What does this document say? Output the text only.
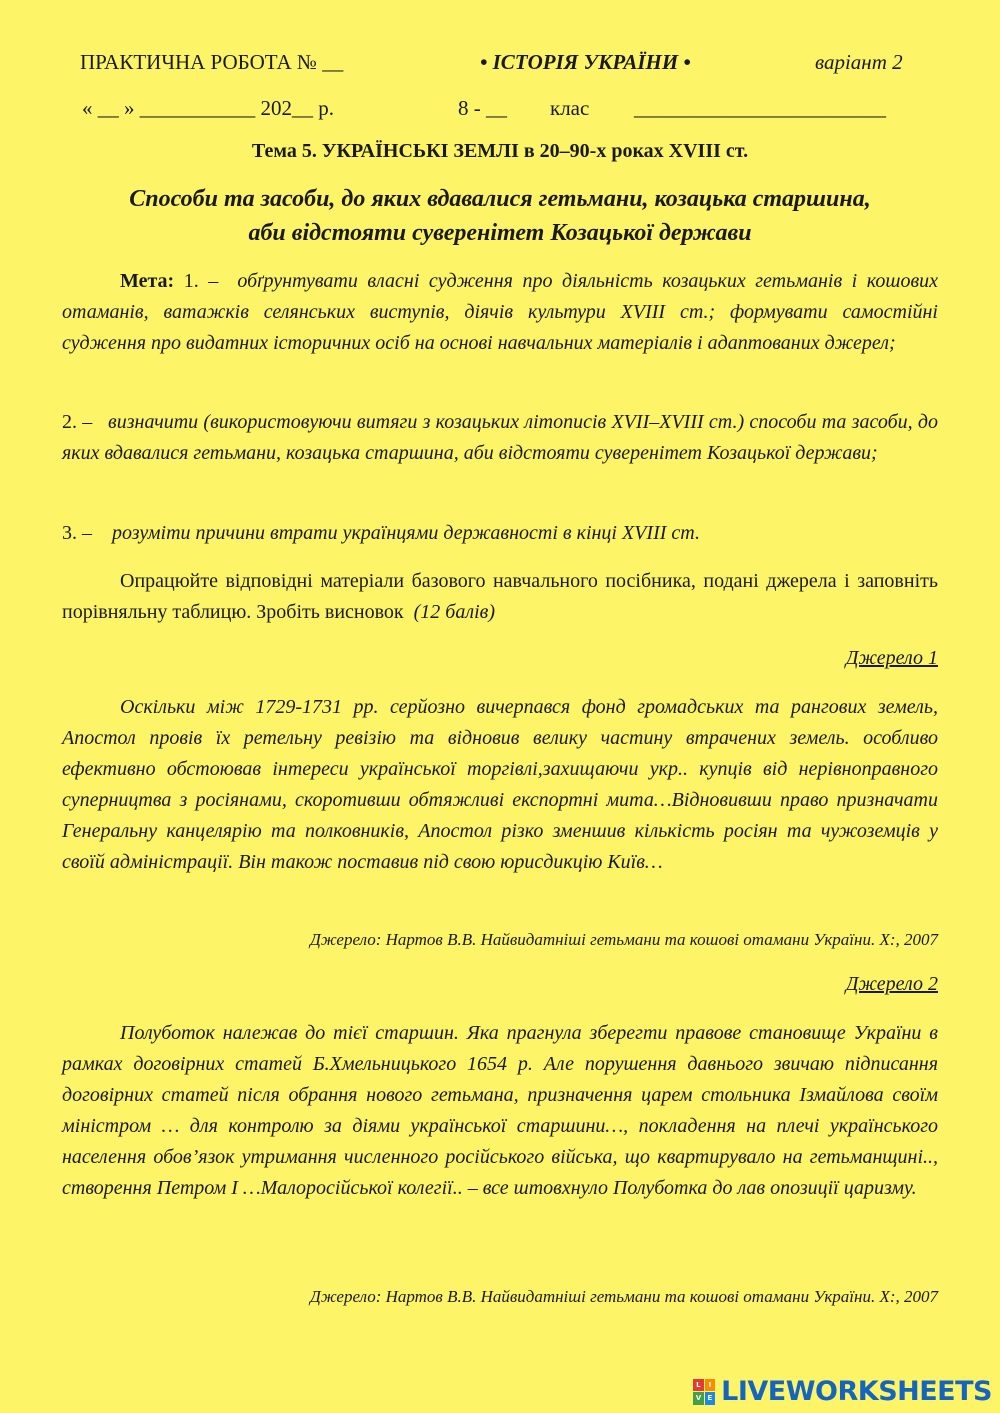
ПРАКТИЧНА РОБОТА № __	• ІСТОРІЯ УКРАЇНИ •	варіант 2
« __ » ___________ 202__ р.	8 - __ клас ________________________
Тема 5. УКРАЇНСЬКІ ЗЕМЛІ в 20–90-х роках XVIII ст.
Способи та засоби, до яких вдавалися гетьмани, козацька старшина,
аби відстояти суверенітет Козацької держави

Мета: 1. – обґрунтувати власні судження про діяльність козацьких гетьманів і кошових отаманів, ватажків селянських виступів, діячів культури XVIII ст.; формувати самостійні судження про видатних історичних осіб на основі навчальних матеріалів і адаптованих джерел;

2. – визначити (використовуючи витяги з козацьких літописів XVII–XVIII ст.) способи та засоби, до яких вдавалися гетьмани, козацька старшина, аби відстояти суверенітет Козацької держави;

3. – розуміти причини втрати українцями державності в кінці XVIII ст.

Опрацюйте відповідні матеріали базового навчального посібника, подані джерела і заповніть порівняльну таблицю. Зробіть висновок (12 балів)

Джерело 1

Оскільки між 1729-1731 рр. серйозно вичерпався фонд громадських та рангових земель, Апостол провів їх ретельну ревізію та відновив велику частину втрачених земель. особливо ефективно обстоював інтереси української торгівлі,захищаючи укр.. купців від нерівноправного суперництва з росіянами, скоротивши обтяжливі експортні мита…Відновивши право призначати Генеральну канцелярію та полковників, Апостол різко зменшив кількість росіян та чужоземців у своїй адміністрації. Він також поставив під свою юрисдикцію Київ…

Джерело: Нартов В.В. Найвидатніші гетьмани та кошові отамани України. Х:, 2007
Джерело 2

Полуботок належав до тієї старшин. Яка прагнула зберегти правове становище України в рамках договірних статей Б.Хмельницького 1654 р. Але порушення давнього звичаю підписання договірних статей після обрання нового гетьмана, призначення царем стольника Ізмайлова своїм міністром … для контролю за діями української старшини…, покладення на плечі українського населення обов’язок утримання численного російського війська, що квартирувало на гетьманщині.., створення Петром І …Малоросійської колегії.. – все штовхнуло Полуботка до лав опозиції царизму.

Джерело: Нартов В.В. Найвидатніші гетьмани та кошові отамани України. Х:, 2007
L	I
V E LIVEWORKSHEETS
